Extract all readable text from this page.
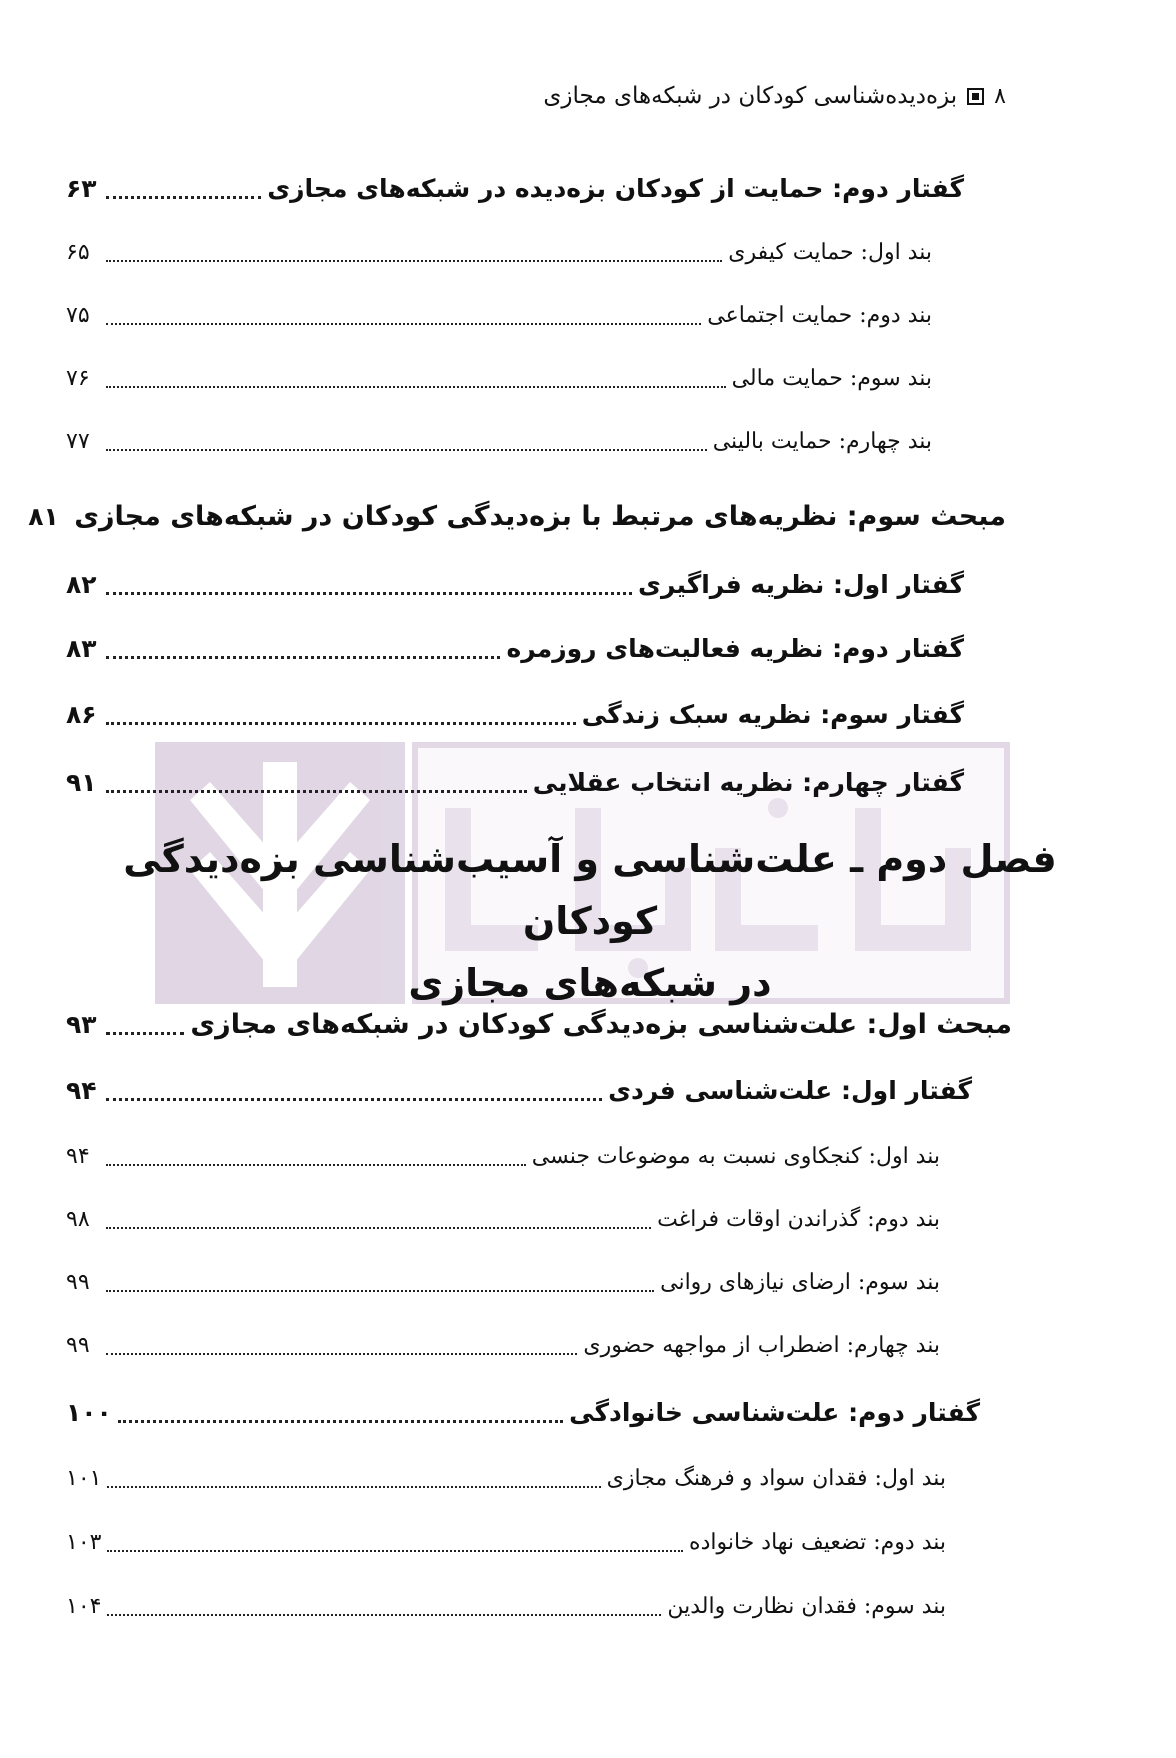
۸
بزه‌دیده‌شناسی کودکان در شبکه‌های مجازی
گفتار دوم: حمایت از کودکان بزه‌دیده در شبکه‌های مجازی
۶۳
بند اول: حمایت کیفری
۶۵
بند دوم: حمایت اجتماعی
۷۵
بند سوم: حمایت مالی
۷۶
بند چهارم: حمایت بالینی
۷۷
مبحث سوم: نظریه‌های مرتبط با بزه‌دیدگی کودکان در شبکه‌های مجازی
۸۱
گفتار اول: نظریه فراگیری
۸۲
گفتار دوم: نظریه فعالیت‌های روزمره
۸۳
گفتار سوم: نظریه سبک زندگی
۸۶
گفتار چهارم: نظریه انتخاب عقلایی
۹۱
فصل دوم ـ علت‌شناسی و آسیب‌شناسی بزه‌دیدگی کودکان
در شبکه‌های مجازی
مبحث اول: علت‌شناسی بزه‌دیدگی کودکان در شبکه‌های مجازی
۹۳
گفتار اول: علت‌شناسی فردی
۹۴
بند اول: کنجکاوی نسبت به موضوعات جنسی
۹۴
بند دوم: گذراندن اوقات فراغت
۹۸
بند سوم: ارضای نیازهای روانی
۹۹
بند چهارم: اضطراب از مواجهه حضوری
۹۹
گفتار دوم: علت‌شناسی خانوادگی
۱۰۰
بند اول: فقدان سواد و فرهنگ مجازی
۱۰۱
بند دوم: تضعیف نهاد خانواده
۱۰۳
بند سوم: فقدان نظارت والدین
۱۰۴
